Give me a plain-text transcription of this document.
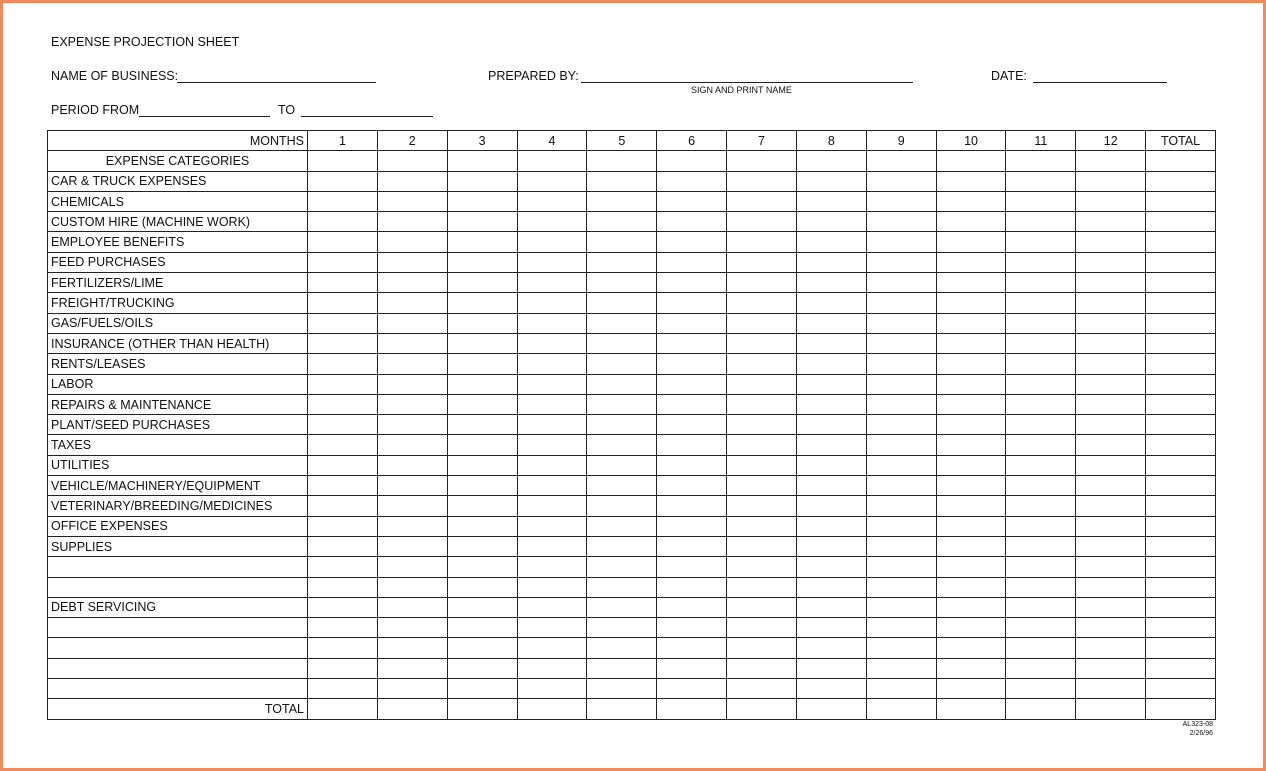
EXPENSE PROJECTION SHEET
NAME OF BUSINESS:	PREPARED BY:
SIGN AND PRINT NAME
DATE:
PERIOD FROM	TO
MONTHS	1	2	3	4	5	6	7	8	9	10	11	12	TOTAL
EXPENSE CATEGORIES													
CAR & TRUCK EXPENSES													
CHEMICALS													
CUSTOM HIRE (MACHINE WORK)													
EMPLOYEE BENEFITS													
FEED PURCHASES													
FERTILIZERS/LIME													
FREIGHT/TRUCKING													
GAS/FUELS/OILS													
INSURANCE (OTHER THAN HEALTH)													
RENTS/LEASES													
LABOR													
REPAIRS & MAINTENANCE													
PLANT/SEED PURCHASES													
TAXES													
UTILITIES													
VEHICLE/MACHINERY/EQUIPMENT													
VETERINARY/BREEDING/MEDICINES													
OFFICE EXPENSES													
SUPPLIES													

DEBT SERVICING													

TOTAL													
AL323-08
2/26/96
